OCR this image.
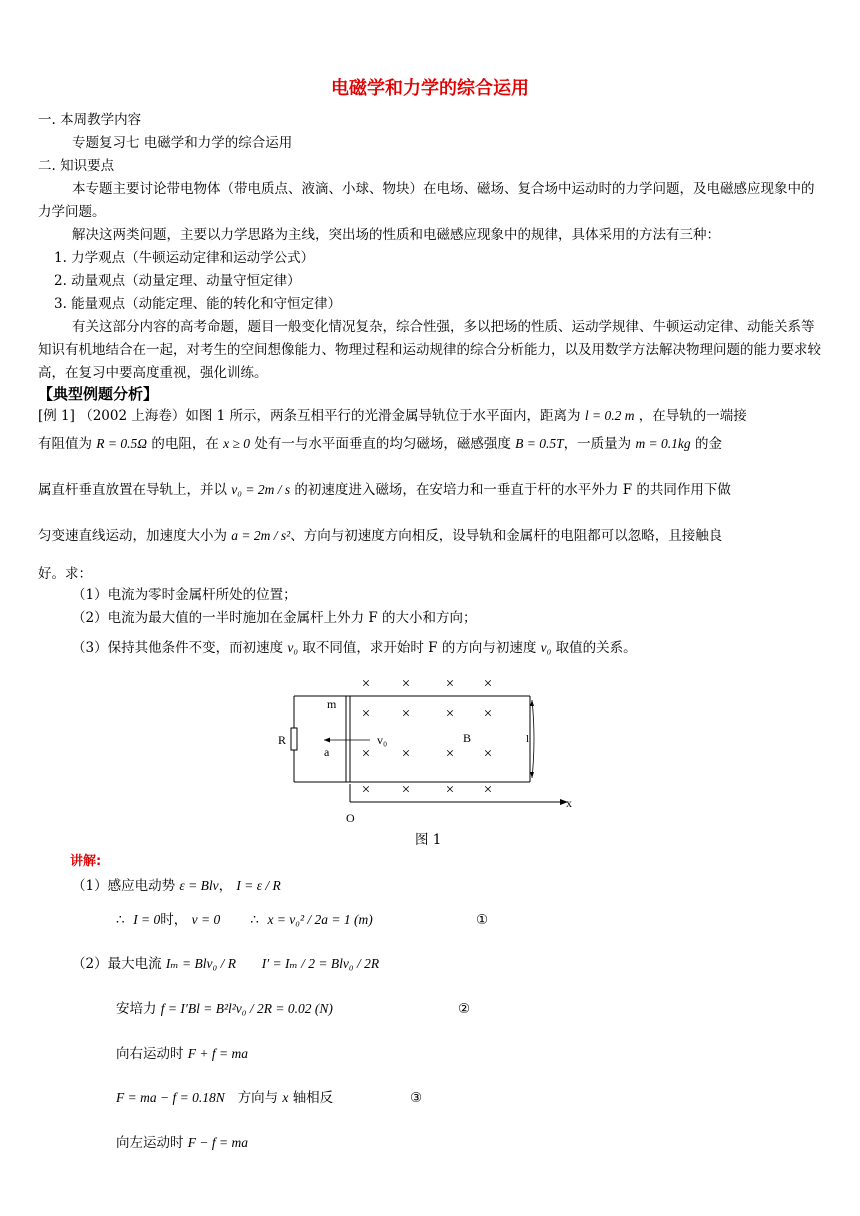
电磁学和力学的综合运用
一. 本周教学内容
专题复习七 电磁学和力学的综合运用
二. 知识要点
本专题主要讨论带电物体（带电质点、液滴、小球、物块）在电场、磁场、复合场中运动时的力学问题，及电磁感应现象中的力学问题。
解决这两类问题，主要以力学思路为主线，突出场的性质和电磁感应现象中的规律，具体采用的方法有三种：
1. 力学观点（牛顿运动定律和运动学公式）
2. 动量观点（动量定理、动量守恒定律）
3. 能量观点（动能定理、能的转化和守恒定律）
有关这部分内容的高考命题，题目一般变化情况复杂，综合性强，多以把场的性质、运动学规律、牛顿运动定律、动能关系等知识有机地结合在一起，对考生的空间想像能力、物理过程和运动规律的综合分析能力，以及用数学方法解决物理问题的能力要求较高，在复习中要高度重视，强化训练。
【典型例题分析】
[例 1] （2002 上海卷）如图 1 所示，两条互相平行的光滑金属导轨位于水平面内，距离为 l = 0.2 m ，在导轨的一端接
有阻值为 R = 0.5Ω 的电阻，在 x ≥ 0 处有一与水平面垂直的均匀磁场，磁感强度 B = 0.5T，一质量为 m = 0.1kg 的金
属直杆垂直放置在导轨上，并以 v₀ = 2m / s 的初速度进入磁场，在安培力和一垂直于杆的水平外力 F 的共同作用下做
匀变速直线运动，加速度大小为 a = 2m / s²、方向与初速度方向相反，设导轨和金属杆的电阻都可以忽略，且接触良
好。求：
（1）电流为零时金属杆所处的位置；
（2）电流为最大值的一半时施加在金属杆上外力 F 的大小和方向；
（3）保持其他条件不变，而初速度 v₀ 取不同值，求开始时 F 的方向与初速度 v₀ 取值的关系。
× × × ×
× × × ×
× × × ×
× × × ×
m
R
a
v₀	B	l
x
O
图 1
讲解:
（1）感应电动势 ε = Blv， I = ε / R
∴ I = 0时， v = 0 ∴ x = v₀² / 2a = 1 (m)	①
（2）最大电流 Iₘ = Blv₀ / R I′ = Iₘ / 2 = Blv₀ / 2R
安培力 f = I′Bl = B²l²v₀ / 2R = 0.02 (N)	②
向右运动时 F + f = ma
F = ma − f = 0.18N 方向与 x 轴相反	③
向左运动时 F − f = ma
